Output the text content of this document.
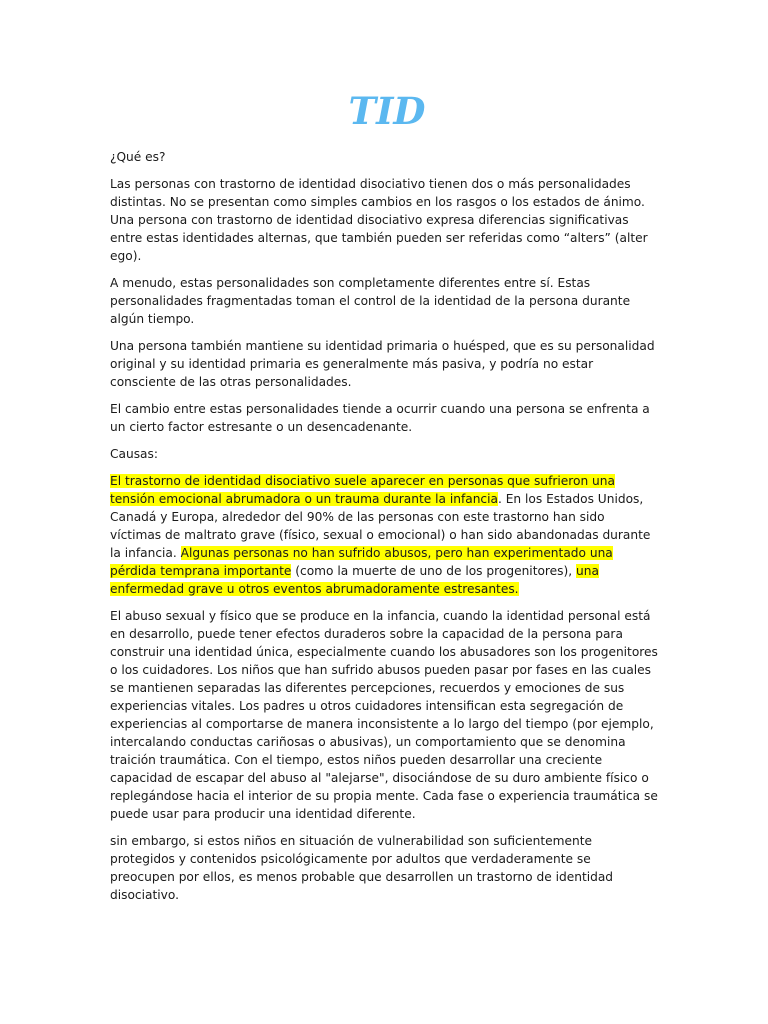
TID

¿Qué es?

Las personas con trastorno de identidad disociativo tienen dos o más personalidades distintas. No se presentan como simples cambios en los rasgos o los estados de ánimo. Una persona con trastorno de identidad disociativo expresa diferencias significativas entre estas identidades alternas, que también pueden ser referidas como “alters” (alter ego).

A menudo, estas personalidades son completamente diferentes entre sí. Estas personalidades fragmentadas toman el control de la identidad de la persona durante algún tiempo.

Una persona también mantiene su identidad primaria o huésped, que es su personalidad original y su identidad primaria es generalmente más pasiva, y podría no estar consciente de las otras personalidades.

El cambio entre estas personalidades tiende a ocurrir cuando una persona se enfrenta a un cierto factor estresante o un desencadenante.

Causas:

El trastorno de identidad disociativo suele aparecer en personas que sufrieron una tensión emocional abrumadora o un trauma durante la infancia. En los Estados Unidos, Canadá y Europa, alrededor del 90% de las personas con este trastorno han sido víctimas de maltrato grave (físico, sexual o emocional) o han sido abandonadas durante la infancia. Algunas personas no han sufrido abusos, pero han experimentado una pérdida temprana importante (como la muerte de uno de los progenitores), una enfermedad grave u otros eventos abrumadoramente estresantes.

El abuso sexual y físico que se produce en la infancia, cuando la identidad personal está en desarrollo, puede tener efectos duraderos sobre la capacidad de la persona para construir una identidad única, especialmente cuando los abusadores son los progenitores o los cuidadores. Los niños que han sufrido abusos pueden pasar por fases en las cuales se mantienen separadas las diferentes percepciones, recuerdos y emociones de sus experiencias vitales. Los padres u otros cuidadores intensifican esta segregación de experiencias al comportarse de manera inconsistente a lo largo del tiempo (por ejemplo, intercalando conductas cariñosas o abusivas), un comportamiento que se denomina traición traumática. Con el tiempo, estos niños pueden desarrollar una creciente capacidad de escapar del abuso al "alejarse", disociándose de su duro ambiente físico o replegándose hacia el interior de su propia mente. Cada fase o experiencia traumática se puede usar para producir una identidad diferente.

sin embargo, si estos niños en situación de vulnerabilidad son suficientemente protegidos y contenidos psicológicamente por adultos que verdaderamente se preocupen por ellos, es menos probable que desarrollen un trastorno de identidad disociativo.
